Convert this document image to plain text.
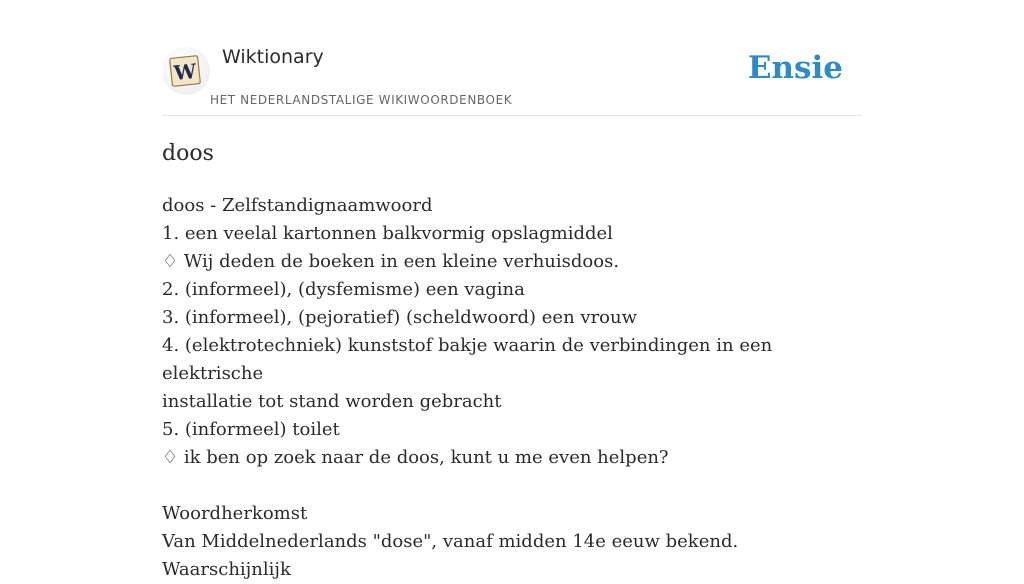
W
Wiktionary
HET NEDERLANDSTALIGE WIKIWOORDENBOEK
Ensie
doos
doos - Zelfstandignaamwoord
1. een veelal kartonnen balkvormig opslagmiddel
♢ Wij deden de boeken in een kleine verhuisdoos.
2. (informeel), (dysfemisme) een vagina
3. (informeel), (pejoratief) (scheldwoord) een vrouw
4. (elektrotechniek) kunststof bakje waarin de verbindingen in een elektrische
installatie tot stand worden gebracht
5. (informeel) toilet
♢ ik ben op zoek naar de doos, kunt u me even helpen?
Woordherkomst
Van Middelnederlands "dose", vanaf midden 14e eeuw bekend. Waarschijnlijk
